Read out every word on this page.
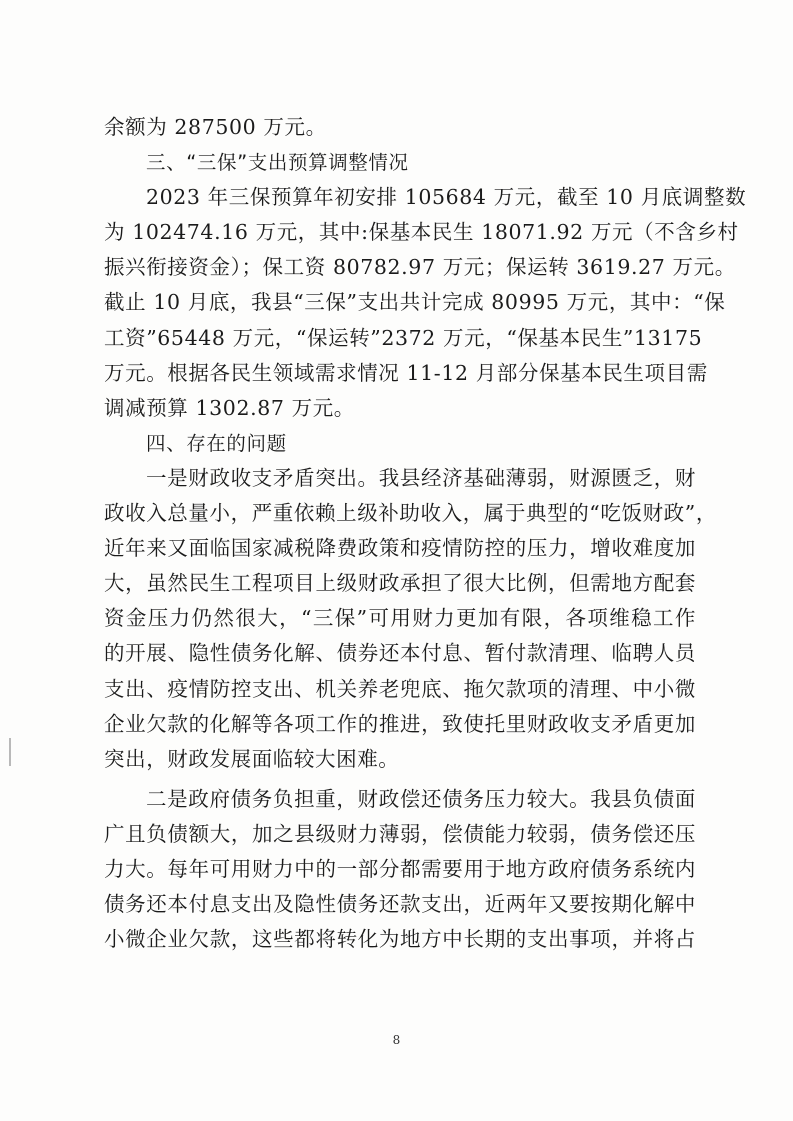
余额为 287500 万元。
三、“三保”支出预算调整情况
2023 年三保预算年初安排 105684 万元，截至 10 月底调整数
为 102474.16 万元，其中:保基本民生 18071.92 万元（不含乡村
振兴衔接资金）；保工资 80782.97 万元；保运转 3619.27 万元。
截止 10 月底，我县“三保”支出共计完成 80995 万元，其中：“保
工资”65448 万元，“保运转”2372 万元，“保基本民生”13175
万元。根据各民生领域需求情况 11-12 月部分保基本民生项目需
调减预算 1302.87 万元。
四、存在的问题
一是财政收支矛盾突出。我县经济基础薄弱，财源匮乏，财
政收入总量小，严重依赖上级补助收入，属于典型的“吃饭财政”，
近年来又面临国家减税降费政策和疫情防控的压力，增收难度加
大，虽然民生工程项目上级财政承担了很大比例，但需地方配套
资金压力仍然很大，“三保”可用财力更加有限，各项维稳工作
的开展、隐性债务化解、债券还本付息、暂付款清理、临聘人员
支出、疫情防控支出、机关养老兜底、拖欠款项的清理、中小微
企业欠款的化解等各项工作的推进，致使托里财政收支矛盾更加
突出，财政发展面临较大困难。
二是政府债务负担重，财政偿还债务压力较大。我县负债面
广且负债额大，加之县级财力薄弱，偿债能力较弱，债务偿还压
力大。每年可用财力中的一部分都需要用于地方政府债务系统内
债务还本付息支出及隐性债务还款支出，近两年又要按期化解中
小微企业欠款，这些都将转化为地方中长期的支出事项，并将占
8
